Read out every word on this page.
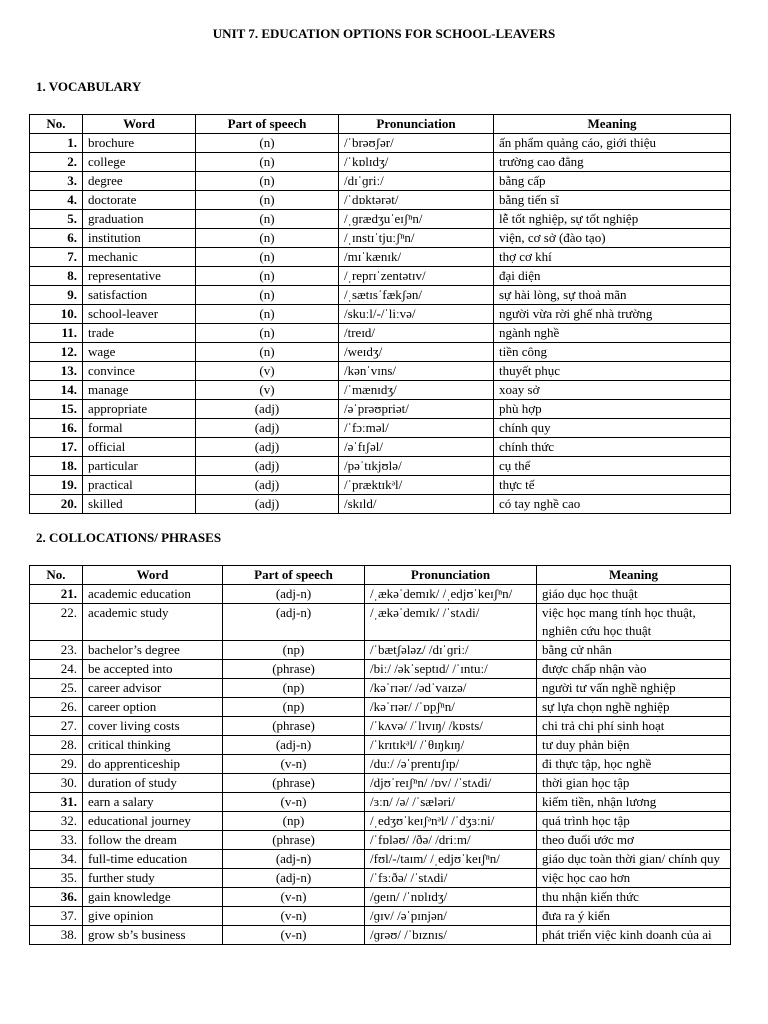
UNIT 7. EDUCATION OPTIONS FOR SCHOOL-LEAVERS
1. VOCABULARY
No.	Word	Part of speech	Pronunciation	Meaning
1.	brochure	(n)	/ˈbrəʊʃər/	ấn phẩm quảng cáo, giới thiệu
2.	college	(n)	/ˈkɒlɪdʒ/	trường cao đẳng
3.	degree	(n)	/dɪˈɡriː/	bằng cấp
4.	doctorate	(n)	/ˈdɒktərət/	bằng tiến sĩ
5.	graduation	(n)	/ˌɡrædʒuˈeɪʃⁿn/	lễ tốt nghiệp, sự tốt nghiệp
6.	institution	(n)	/ˌɪnstɪˈtjuːʃⁿn/	viện, cơ sở (đào tạo)
7.	mechanic	(n)	/mɪˈkænɪk/	thợ cơ khí
8.	representative	(n)	/ˌreprɪˈzentətɪv/	đại diện
9.	satisfaction	(n)	/ˌsætɪsˈfækʃən/	sự hài lòng, sự thoả mãn
10.	school-leaver	(n)	/skuːl/-/ˈliːvə/	người vừa rời ghế nhà trường
11.	trade	(n)	/treɪd/	ngành nghề
12.	wage	(n)	/weɪdʒ/	tiền công
13.	convince	(v)	/kənˈvɪns/	thuyết phục
14.	manage	(v)	/ˈmænɪdʒ/	xoay sở
15.	appropriate	(adj)	/əˈprəʊpriət/	phù hợp
16.	formal	(adj)	/ˈfɔːməl/	chính quy
17.	official	(adj)	/əˈfɪʃəl/	chính thức
18.	particular	(adj)	/pəˈtɪkjʊlə/	cụ thể
19.	practical	(adj)	/ˈpræktɪkᵊl/	thực tế
20.	skilled	(adj)	/skɪld/	có tay nghề cao
2. COLLOCATIONS/ PHRASES
No.	Word	Part of speech	Pronunciation	Meaning
21.	academic education	(adj-n)	/ˌækəˈdemɪk/ /ˌedjʊˈkeɪʃⁿn/	giáo dục học thuật
22.	academic study	(adj-n)	/ˌækəˈdemɪk/ /ˈstʌdi/	việc học mang tính học thuật, nghiên cứu học thuật
23.	bachelor’s degree	(np)	/ˈbætʃələz/ /dɪˈɡriː/	bằng cử nhân
24.	be accepted into	(phrase)	/biː/ /əkˈseptɪd/ /ˈɪntuː/	được chấp nhận vào
25.	career advisor	(np)	/kəˈrɪər/ /ədˈvaɪzə/	người tư vấn nghề nghiệp
26.	career option	(np)	/kəˈrɪər/ /ˈɒpʃⁿn/	sự lựa chọn nghề nghiệp
27.	cover living costs	(phrase)	/ˈkʌvə/ /ˈlɪvɪŋ/ /kɒsts/	chi trả chi phí sinh hoạt
28.	critical thinking	(adj-n)	/ˈkrɪtɪkᵊl/ /ˈθɪŋkɪŋ/	tư duy phản biện
29.	do apprenticeship	(v-n)	/duː/ /əˈprentɪʃɪp/	đi thực tập, học nghề
30.	duration of study	(phrase)	/djʊˈreɪʃⁿn/ /ɒv/ /ˈstʌdi/	thời gian học tập
31.	earn a salary	(v-n)	/ɜːn/ /ə/ /ˈsæləri/	kiếm tiền, nhận lương
32.	educational journey	(np)	/ˌedʒʊˈkeɪʃᵊnᵊl/ /ˈdʒɜːni/	quá trình học tập
33.	follow the dream	(phrase)	/ˈfɒləʊ/ /ðə/ /driːm/	theo đuổi ước mơ
34.	full-time education	(adj-n)	/fʊl/-/taɪm/ /ˌedjʊˈkeɪʃⁿn/	giáo dục toàn thời gian/ chính quy
35.	further study	(adj-n)	/ˈfɜːðə/ /ˈstʌdi/	việc học cao hơn
36.	gain knowledge	(v-n)	/ɡeɪn/ /ˈnɒlɪdʒ/	thu nhận kiến thức
37.	give opinion	(v-n)	/ɡɪv/ /əˈpɪnjən/	đưa ra ý kiến
38.	grow sb’s business	(v-n)	/ɡrəʊ/ /ˈbɪznɪs/	phát triển việc kinh doanh của ai
